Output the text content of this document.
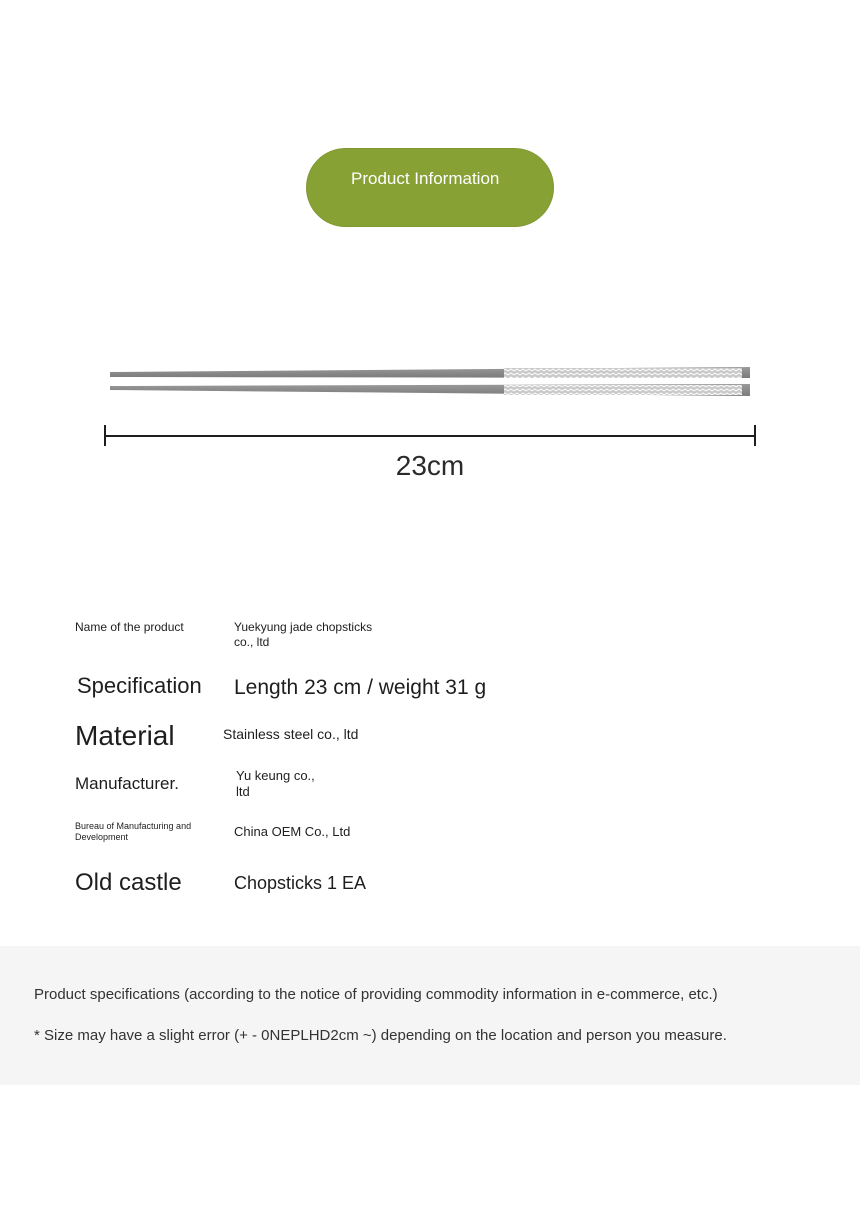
Product Information
23cm
Name of the product	Yuekyung jade chopsticks co., ltd
Specification Length 23 cm / weight 31 g
Material	Stainless steel co., ltd
Manufacturer.	Yu keung co., ltd
Bureau of Manufacturing and Development	China OEM Co., Ltd
Old castle	Chopsticks 1 EA
Product specifications (according to the notice of providing commodity information in e-commerce, etc.)
* Size may have a slight error (+ - 0NEPLHD2cm ~) depending on the location and person you measure.
